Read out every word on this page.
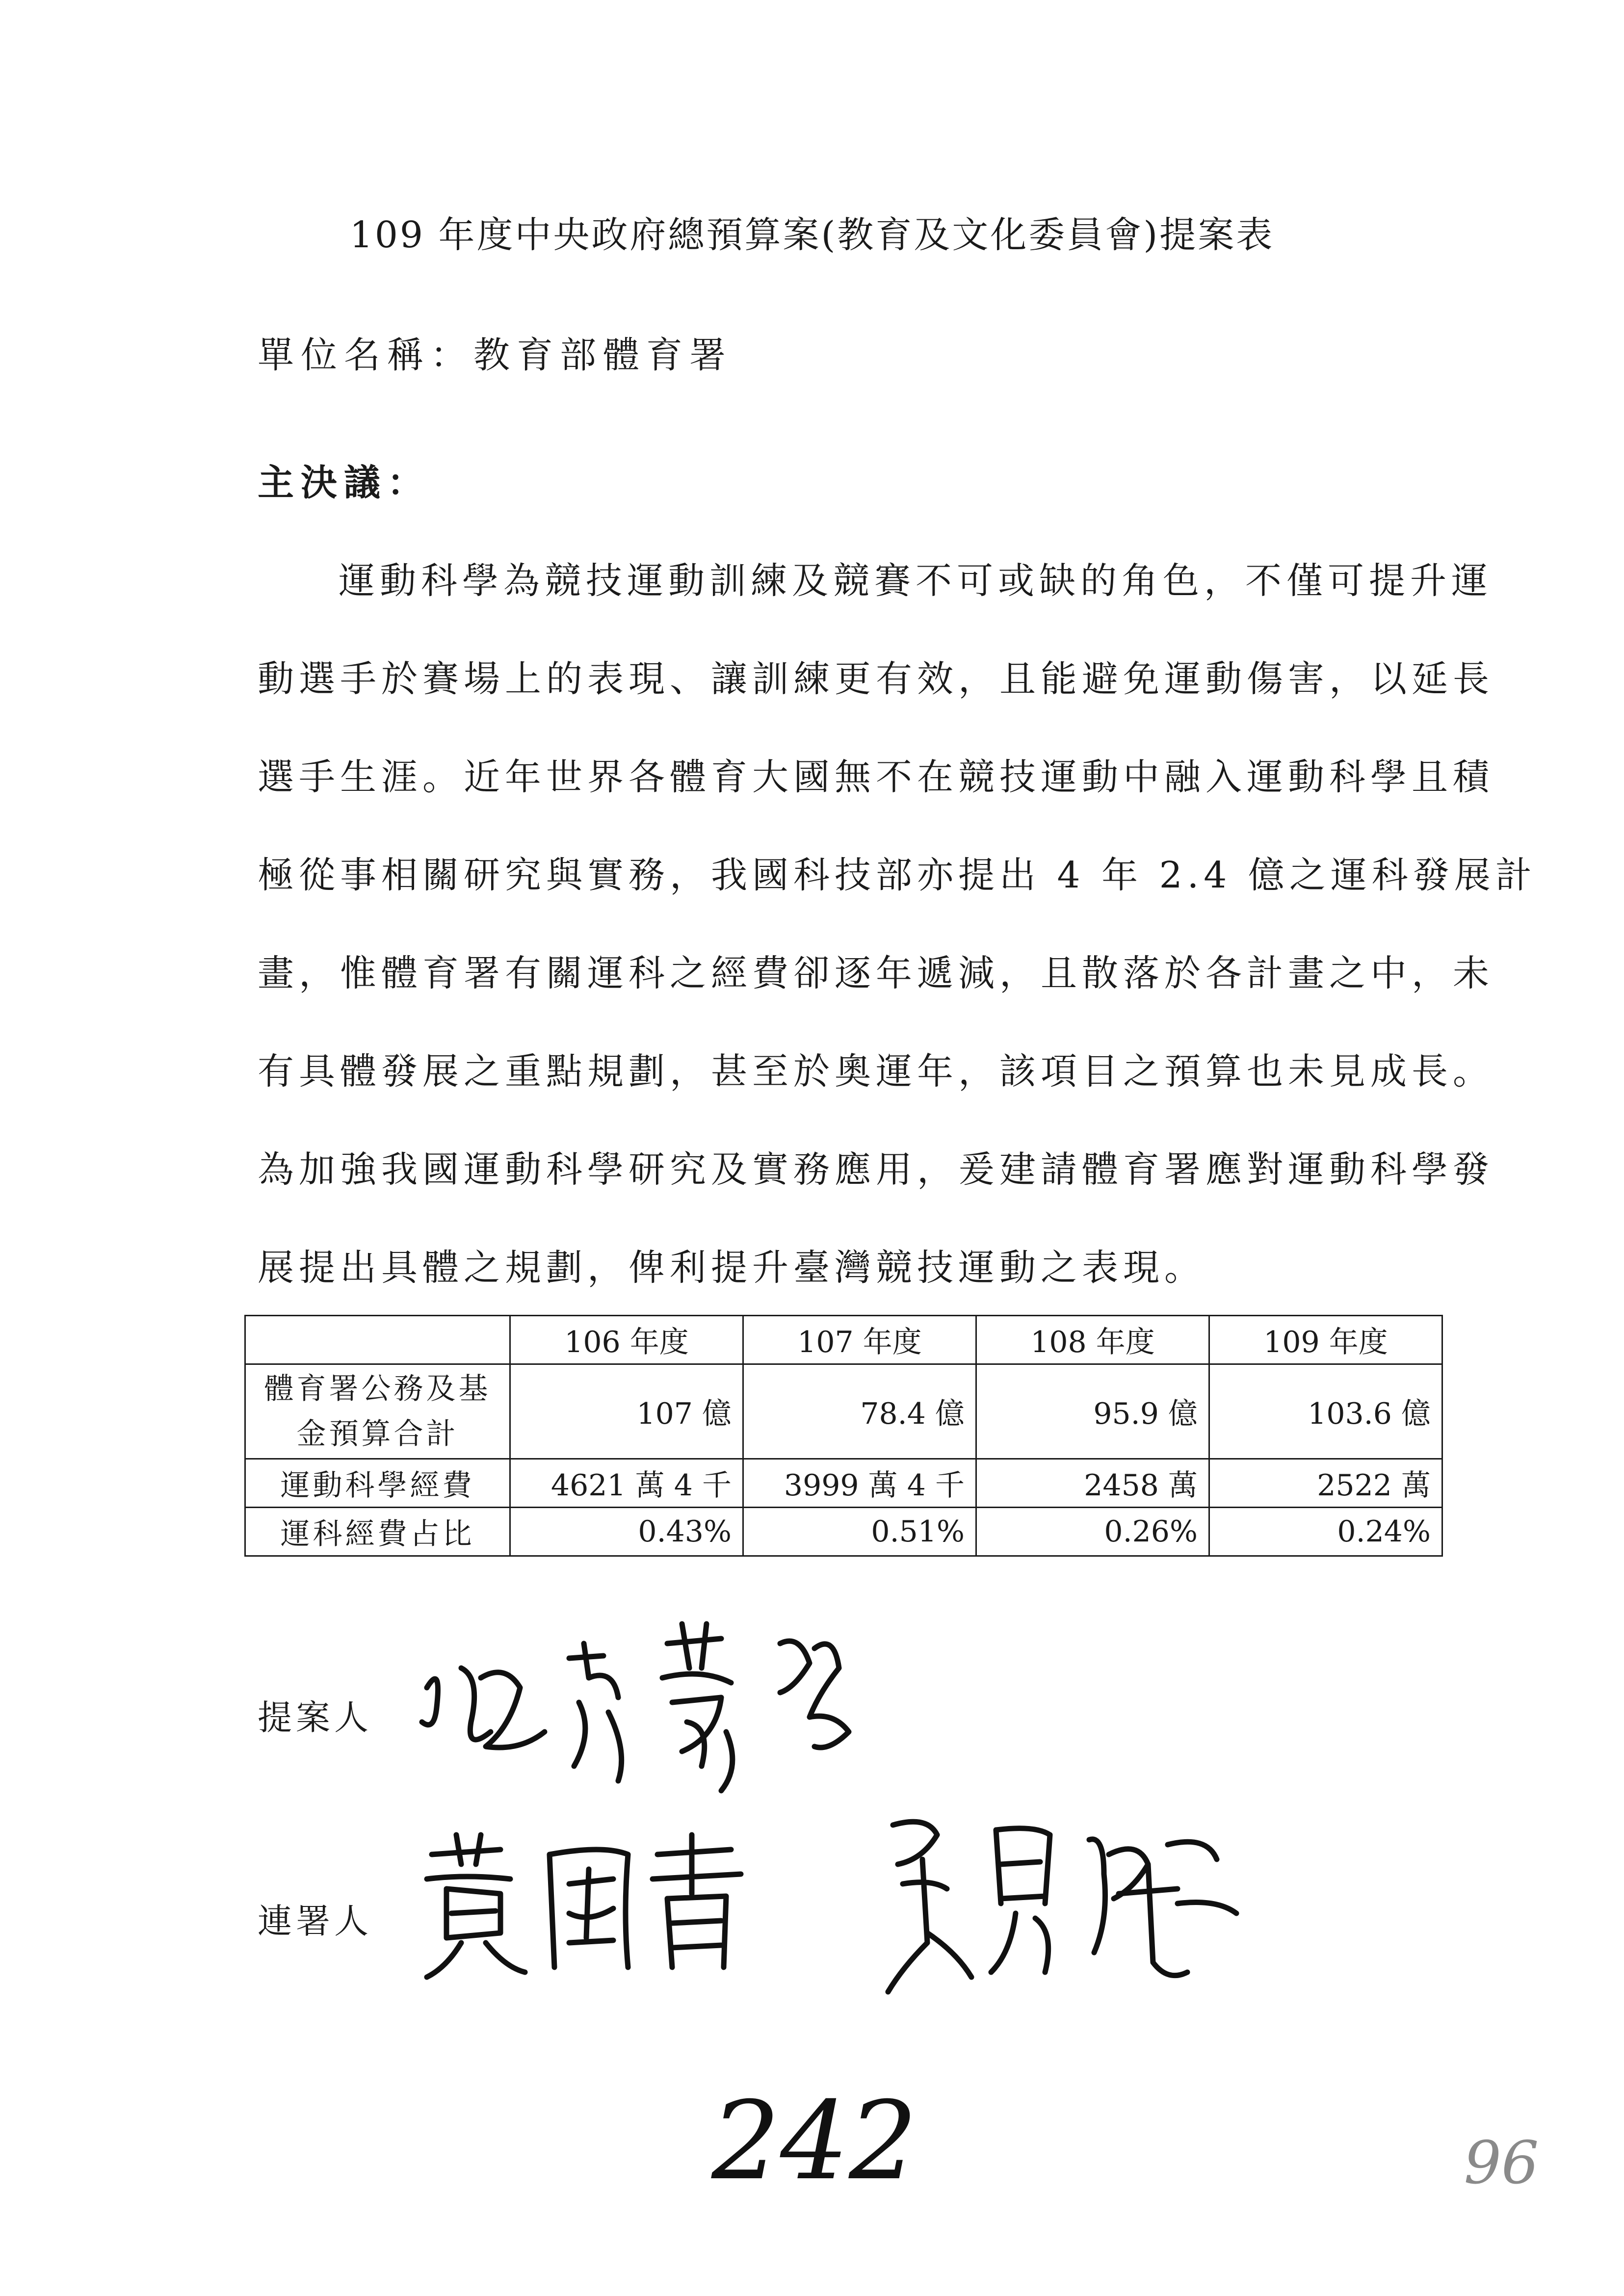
109 年度中央政府總預算案(教育及文化委員會)提案表
單位名稱：教育部體育署
主決議：
運動科學為競技運動訓練及競賽不可或缺的角色，不僅可提升運
動選手於賽場上的表現、讓訓練更有效，且能避免運動傷害，以延長
選手生涯。近年世界各體育大國無不在競技運動中融入運動科學且積
極從事相關研究與實務，我國科技部亦提出 4 年 2.4 億之運科發展計
畫，惟體育署有關運科之經費卻逐年遞減，且散落於各計畫之中，未
有具體發展之重點規劃，甚至於奧運年，該項目之預算也未見成長。
為加強我國運動科學研究及實務應用，爰建請體育署應對運動科學發
展提出具體之規劃，俾利提升臺灣競技運動之表現。
	106 年度	107 年度	108 年度	109 年度

體育署公務及基
金預算合計	107 億	78.4 億	95.9 億	103.6 億
運動科學經費	4621 萬 4 千	3999 萬 4 千	2458 萬	2522 萬
運科經費占比	0.43%	0.51%	0.26%	0.24%
提案人
連署人
242	96
